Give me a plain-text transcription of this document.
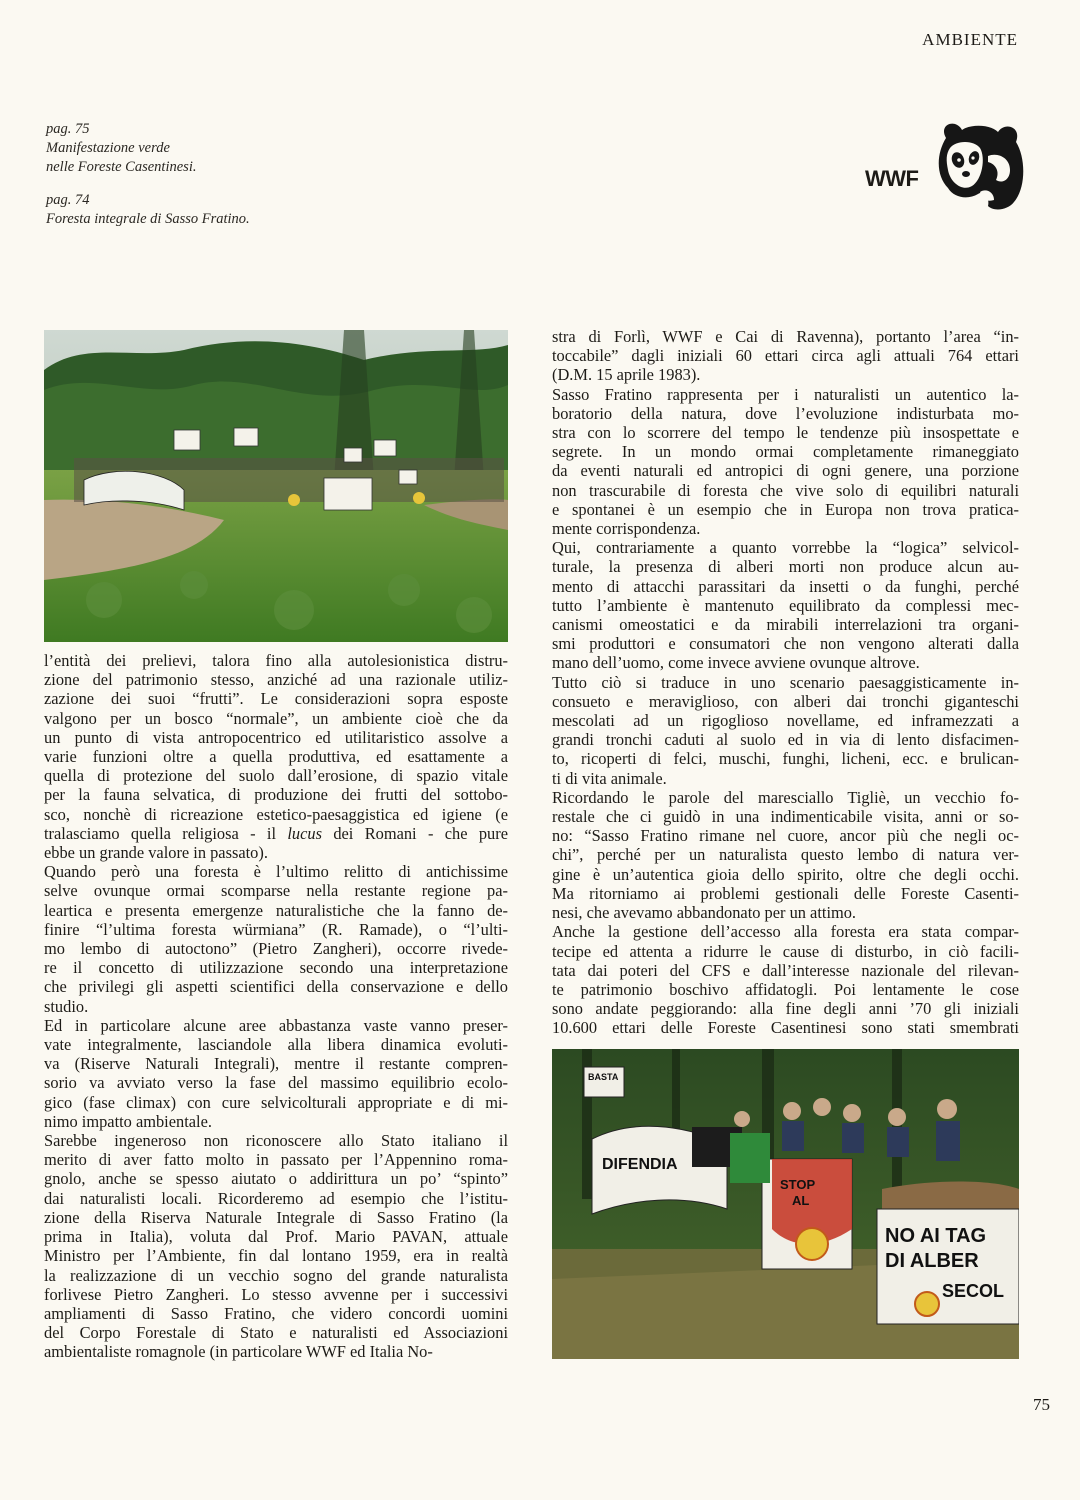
AMBIENTE
pag. 75
Manifestazione verde
nelle Foreste Casentinesi.
pag. 74
Foresta integrale di Sasso Fratino.
WWF
l’entità dei prelievi, talora fino alla autolesionistica distru-
zione del patrimonio stesso, anziché ad una razionale utiliz-
zazione dei suoi “frutti”. Le considerazioni sopra esposte
valgono per un bosco “normale”, un ambiente cioè che da
un punto di vista antropocentrico ed utilitaristico assolve a
varie funzioni oltre a quella produttiva, ed esattamente a
quella di protezione del suolo dall’erosione, di spazio vitale
per la fauna selvatica, di produzione dei frutti del sottobo-
sco, nonchè di ricreazione estetico-paesaggistica ed igiene (e
tralasciamo quella religiosa - il lucus dei Romani - che pure
ebbe un grande valore in passato).
Quando però una foresta è l’ultimo relitto di antichissime
selve ovunque ormai scomparse nella restante regione pa-
leartica e presenta emergenze naturalistiche che la fanno de-
finire “l’ultima foresta würmiana” (R. Ramade), o “l’ulti-
mo lembo di autoctono” (Pietro Zangheri), occorre rivede-
re il concetto di utilizzazione secondo una interpretazione
che privilegi gli aspetti scientifici della conservazione e dello
studio.
Ed in particolare alcune aree abbastanza vaste vanno preser-
vate integralmente, lasciandole alla libera dinamica evoluti-
va (Riserve Naturali Integrali), mentre il restante compren-
sorio va avviato verso la fase del massimo equilibrio ecolo-
gico (fase climax) con cure selvicolturali appropriate e di mi-
nimo impatto ambientale.
Sarebbe ingeneroso non riconoscere allo Stato italiano il
merito di aver fatto molto in passato per l’Appennino roma-
gnolo, anche se spesso aiutato o addirittura un po’ “spinto”
dai naturalisti locali. Ricorderemo ad esempio che l’istitu-
zione della Riserva Naturale Integrale di Sasso Fratino (la
prima in Italia), voluta dal Prof. Mario PAVAN, attuale
Ministro per l’Ambiente, fin dal lontano 1959, era in realtà
la realizzazione di un vecchio sogno del grande naturalista
forlivese Pietro Zangheri. Lo stesso avvenne per i successivi
ampliamenti di Sasso Fratino, che videro concordi uomini
del Corpo Forestale di Stato e naturalisti ed Associazioni
ambientaliste romagnole (in particolare WWF ed Italia No-
stra di Forlì, WWF e Cai di Ravenna), portanto l’area “in-
toccabile” dagli iniziali 60 ettari circa agli attuali 764 ettari
(D.M. 15 aprile 1983).
Sasso Fratino rappresenta per i naturalisti un autentico la-
boratorio della natura, dove l’evoluzione indisturbata mo-
stra con lo scorrere del tempo le tendenze più insospettate e
segrete. In un mondo ormai completamente rimaneggiato
da eventi naturali ed antropici di ogni genere, una porzione
non trascurabile di foresta che vive solo di equilibri naturali
e spontanei è un esempio che in Europa non trova pratica-
mente corrispondenza.
Qui, contrariamente a quanto vorrebbe la “logica” selvicol-
turale, la presenza di alberi morti non produce alcun au-
mento di attacchi parassitari da insetti o da funghi, perché
tutto l’ambiente è mantenuto equilibrato da complessi mec-
canismi omeostatici e da mirabili interrelazioni tra organi-
smi produttori e consumatori che non vengono alterati dalla
mano dell’uomo, come invece avviene ovunque altrove.
Tutto ciò si traduce in uno scenario paesaggisticamente in-
consueto e meraviglioso, con alberi dai tronchi giganteschi
mescolati ad un rigoglioso novellame, ed inframezzati a
grandi tronchi caduti al suolo ed in via di lento disfacimen-
to, ricoperti di felci, muschi, funghi, licheni, ecc. e brulican-
ti di vita animale.
Ricordando le parole del maresciallo Tigliè, un vecchio fo-
restale che ci guidò in una indimenticabile visita, anni or so-
no: “Sasso Fratino rimane nel cuore, ancor più che negli oc-
chi”, perché per un naturalista questo lembo di natura ver-
gine è un’autentica gioia dello spirito, oltre che degli occhi.
Ma ritorniamo ai problemi gestionali delle Foreste Casenti-
nesi, che avevamo abbandonato per un attimo.
Anche la gestione dell’accesso alla foresta era stata compar-
tecipe ed attenta a ridurre le cause di disturbo, in ciò facili-
tata dai poteri del CFS e dall’interesse nazionale del rilevan-
te patrimonio boschivo affidatogli. Poi lentamente le cose
sono andate peggiorando: alla fine degli anni ’70 gli iniziali
10.600 ettari delle Foreste Casentinesi sono stati smembrati
BASTA
DIFENDIA
STOP
AL
NO AI TAG
DI ALBER
SECOL
75
